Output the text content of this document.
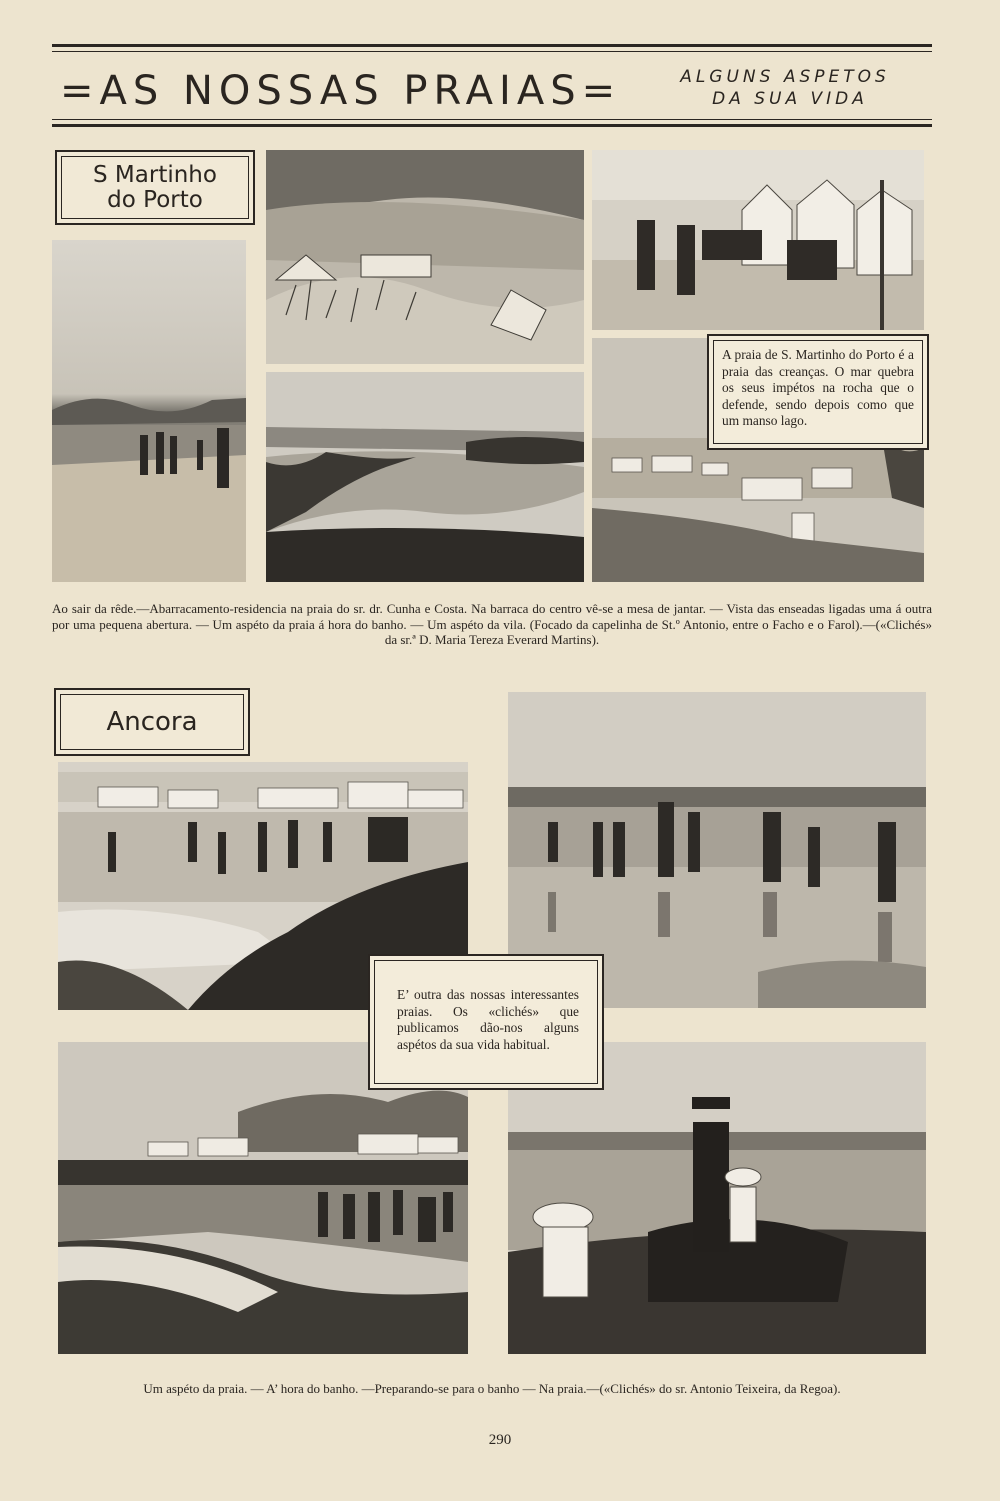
=AS NOSSAS PRAIAS=	ALGUNS ASPETOS
DA SUA VIDA
S Martinho
do Porto
A praia de S. Martinho do Porto é a praia das creanças. O mar quebra os seus impétos na rocha que o defende, sendo depois como que um manso lago.
Ao sair da rêde.—Abarracamento-residencia na praia do sr. dr. Cunha e Costa. Na barraca do centro vê-se a mesa de jantar. — Vista das enseadas ligadas uma á outra por uma pequena abertura. — Um aspéto da praia á hora do banho. — Um aspéto da vila. (Focado da capelinha de St.º Antonio, entre o Facho e o Farol).—(«Clichés» da sr.ª D. Maria Tereza Everard Martins).
Ancora
E’ outra das nossas interessantes praias. Os «clichés» que publicamos dão-nos alguns aspétos da sua vida habitual.
Um aspéto da praia. — A’ hora do banho. —Preparando-se para o banho — Na praia.—(«Clichés» do sr. Antonio Teixeira, da Regoa).
290
